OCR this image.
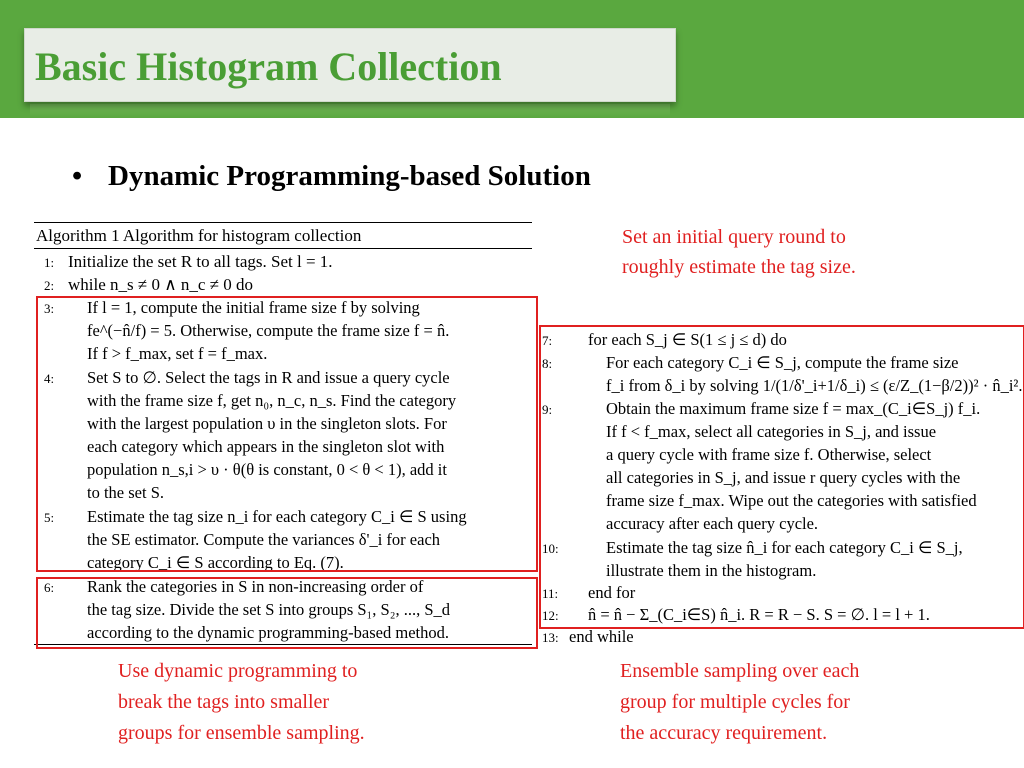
Basic Histogram Collection
• Dynamic Programming-based Solution
Algorithm 1 Algorithm for histogram collection
1: Initialize the set R to all tags. Set l = 1.
2: while n_s ≠ 0 ∧ n_c ≠ 0 do
3:	If l = 1, compute the initial frame size f by solving
fe^(−n̂/f) = 5. Otherwise, compute the frame size f = n̂.
If f > f_max, set f = f_max.
4:	Set S to ∅. Select the tags in R and issue a query cycle
with the frame size f, get n₀, n_c, n_s. Find the category
with the largest population υ in the singleton slots. For
each category which appears in the singleton slot with
population n_s,i > υ · θ(θ is constant, 0 < θ < 1), add it
to the set S.
5:	Estimate the tag size n_i for each category C_i ∈ S using
the SE estimator. Compute the variances δ'_i for each
category C_i ∈ S according to Eq. (7).
6:	Rank the categories in S in non-increasing order of
the tag size. Divide the set S into groups S₁, S₂, ..., S_d
according to the dynamic programming-based method.
7: for each S_j ∈ S(1 ≤ j ≤ d) do
8:	For each category C_i ∈ S_j, compute the frame size
f_i from δ_i by solving 1/(1/δ'_i+1/δ_i) ≤ (ε/Z_(1−β/2))² · n̂_i².
9:	Obtain the maximum frame size f = max_(C_i∈S_j) f_i.
If f < f_max, select all categories in S_j, and issue
a query cycle with frame size f. Otherwise, select
all categories in S_j, and issue r query cycles with the
frame size f_max. Wipe out the categories with satisfied
accuracy after each query cycle.
10:	Estimate the tag size n̂_i for each category C_i ∈ S_j,
illustrate them in the histogram.
11: end for
12: n̂ = n̂ − Σ_(C_i∈S) n̂_i. R = R − S. S = ∅. l = l + 1.
13: end while
Set an initial query round to
roughly estimate the tag size.
Use dynamic programming to
break the tags into smaller
groups for ensemble sampling.
Ensemble sampling over each
group for multiple cycles for
the accuracy requirement.
